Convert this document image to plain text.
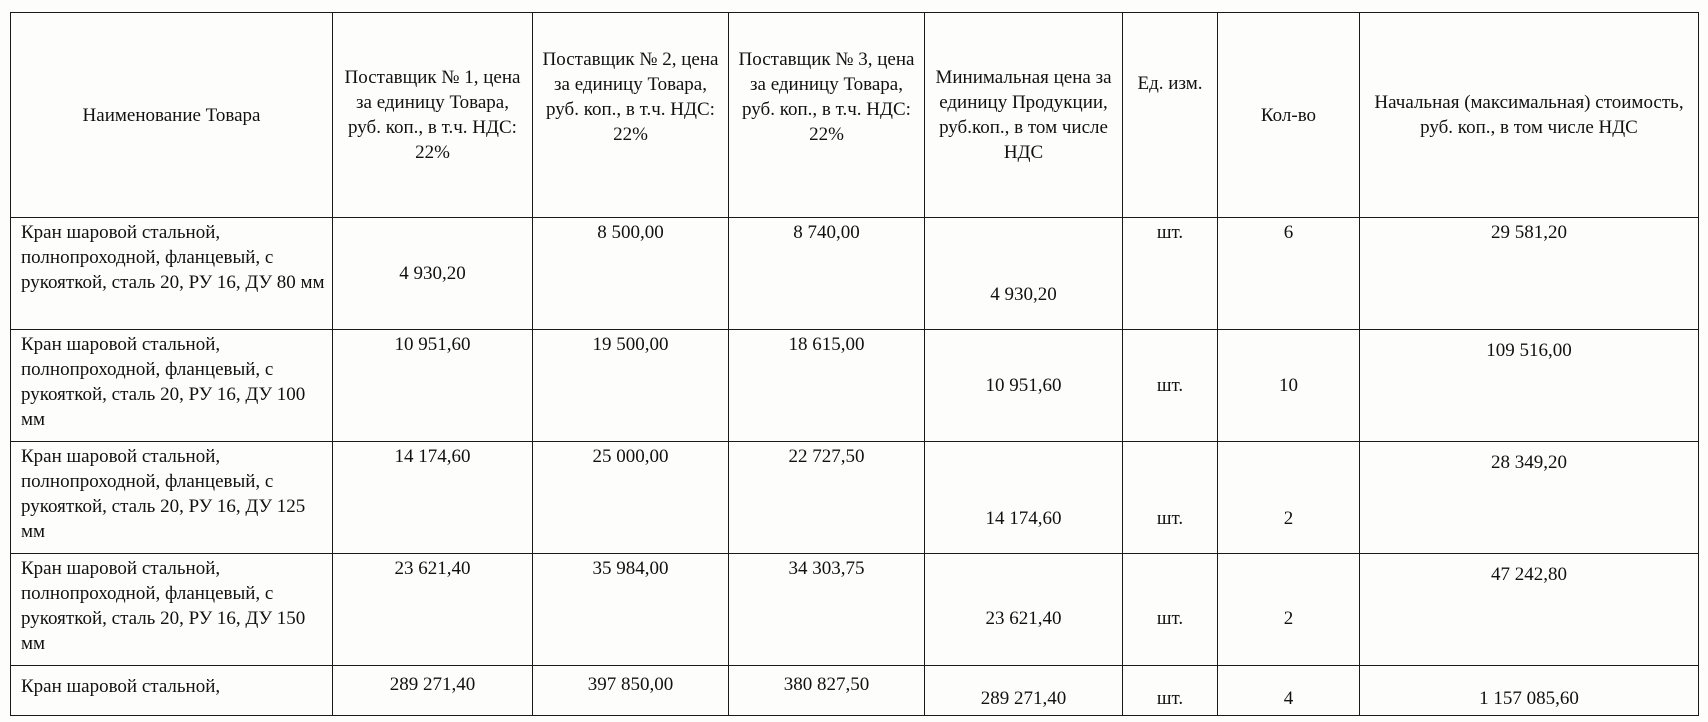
Наименование Товара	Поставщик № 1, цена за единицу Товара, руб. коп., в т.ч. НДС: 22%	Поставщик № 2, цена за единицу Товара, руб. коп., в т.ч. НДС: 22%	Поставщик № 3, цена за единицу Товара, руб. коп., в т.ч. НДС: 22%	Минимальная цена за единицу Продукции, руб.коп., в том числе НДС	Ед. изм.	Кол-во	Начальная (максимальная) стоимость, руб. коп., в том числе НДС
Кран шаровой стальной, полнопроходной, фланцевый, с рукояткой, сталь 20, РУ 16, ДУ 80 мм	4 930,20	8 500,00	8 740,00	4 930,20	шт.	6	29 581,20
Кран шаровой стальной, полнопроходной, фланцевый, с рукояткой, сталь 20, РУ 16, ДУ 100 мм	10 951,60	19 500,00	18 615,00	10 951,60	шт.	10	109 516,00
Кран шаровой стальной, полнопроходной, фланцевый, с рукояткой, сталь 20, РУ 16, ДУ 125 мм	14 174,60	25 000,00	22 727,50	14 174,60	шт.	2	28 349,20
Кран шаровой стальной, полнопроходной, фланцевый, с рукояткой, сталь 20, РУ 16, ДУ 150 мм	23 621,40	35 984,00	34 303,75	23 621,40	шт.	2	47 242,80
Кран шаровой стальной,	289 271,40	397 850,00	380 827,50	289 271,40	шт.	4	1 157 085,60
